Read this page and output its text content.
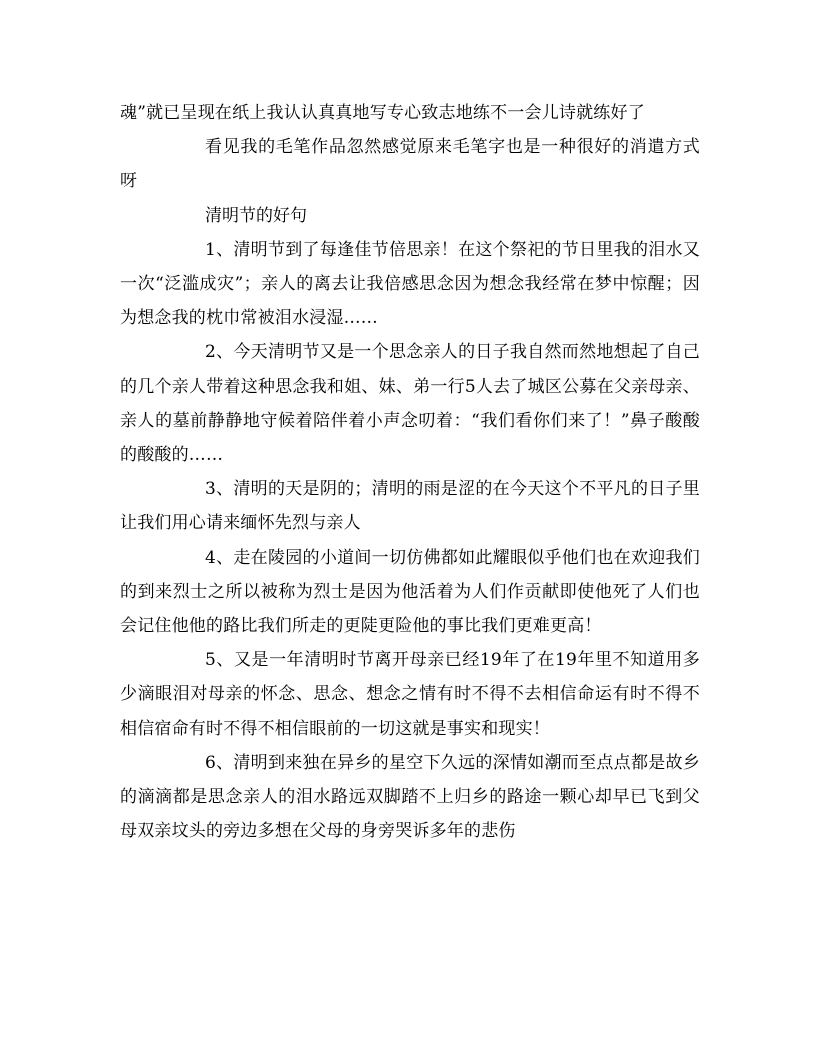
魂”就已呈现在纸上我认认真真地写专心致志地练不一会儿诗就练好了

看见我的毛笔作品忽然感觉原来毛笔字也是一种很好的消遣方式呀

清明节的好句

1、清明节到了每逢佳节倍思亲！在这个祭祀的节日里我的泪水又一次“泛滥成灾”；亲人的离去让我倍感思念因为想念我经常在梦中惊醒；因为想念我的枕巾常被泪水浸湿……

2、今天清明节又是一个思念亲人的日子我自然而然地想起了自己的几个亲人带着这种思念我和姐、妹、弟一行5人去了城区公募在父亲母亲、亲人的墓前静静地守候着陪伴着小声念叨着：“我们看你们来了！”鼻子酸酸的酸酸的……

3、清明的天是阴的；清明的雨是涩的在今天这个不平凡的日子里让我们用心请来缅怀先烈与亲人

4、走在陵园的小道间一切仿佛都如此耀眼似乎他们也在欢迎我们的到来烈士之所以被称为烈士是因为他活着为人们作贡献即使他死了人们也会记住他他的路比我们所走的更陡更险他的事比我们更难更高！

5、又是一年清明时节离开母亲已经19年了在19年里不知道用多少滴眼泪对母亲的怀念、思念、想念之情有时不得不去相信命运有时不得不相信宿命有时不得不相信眼前的一切这就是事实和现实！

6、清明到来独在异乡的星空下久远的深情如潮而至点点都是故乡的滴滴都是思念亲人的泪水路远双脚踏不上归乡的路途一颗心却早已飞到父母双亲坟头的旁边多想在父母的身旁哭诉多年的悲伤
